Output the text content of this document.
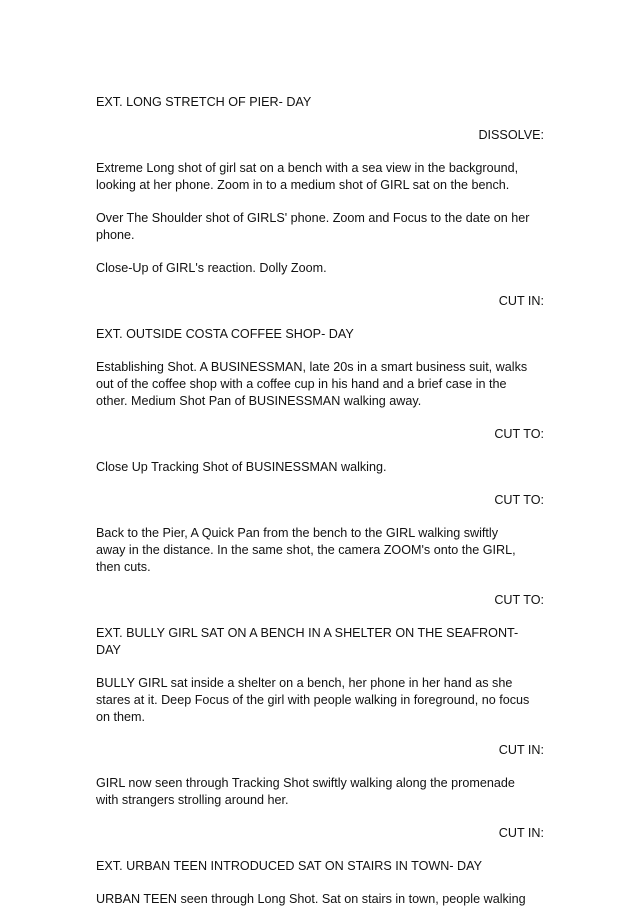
EXT. LONG STRETCH OF PIER- DAY

DISSOLVE:

Extreme Long shot of girl sat on a bench with a sea view in the background,
looking at her phone. Zoom in to a medium shot of GIRL sat on the bench.

Over The Shoulder shot of GIRLS' phone. Zoom and Focus to the date on her
phone.

Close-Up of GIRL's reaction. Dolly Zoom.

CUT IN:

EXT. OUTSIDE COSTA COFFEE SHOP- DAY

Establishing Shot. A BUSINESSMAN, late 20s in a smart business suit, walks
out of the coffee shop with a coffee cup in his hand and a brief case in the
other. Medium Shot Pan of BUSINESSMAN walking away.

CUT TO:

Close Up Tracking Shot of BUSINESSMAN walking.

CUT TO:

Back to the Pier, A Quick Pan from the bench to the GIRL walking swiftly
away in the distance. In the same shot, the camera ZOOM's onto the GIRL,
then cuts.

CUT TO:

EXT. BULLY GIRL SAT ON A BENCH IN A SHELTER ON THE SEAFRONT-
DAY

BULLY GIRL sat inside a shelter on a bench, her phone in her hand as she
stares at it. Deep Focus of the girl with people walking in foreground, no focus
on them.

CUT IN:

GIRL now seen through Tracking Shot swiftly walking along the promenade
with strangers strolling around her.

CUT IN:

EXT. URBAN TEEN INTRODUCED SAT ON STAIRS IN TOWN- DAY

URBAN TEEN seen through Long Shot. Sat on stairs in town, people walking
